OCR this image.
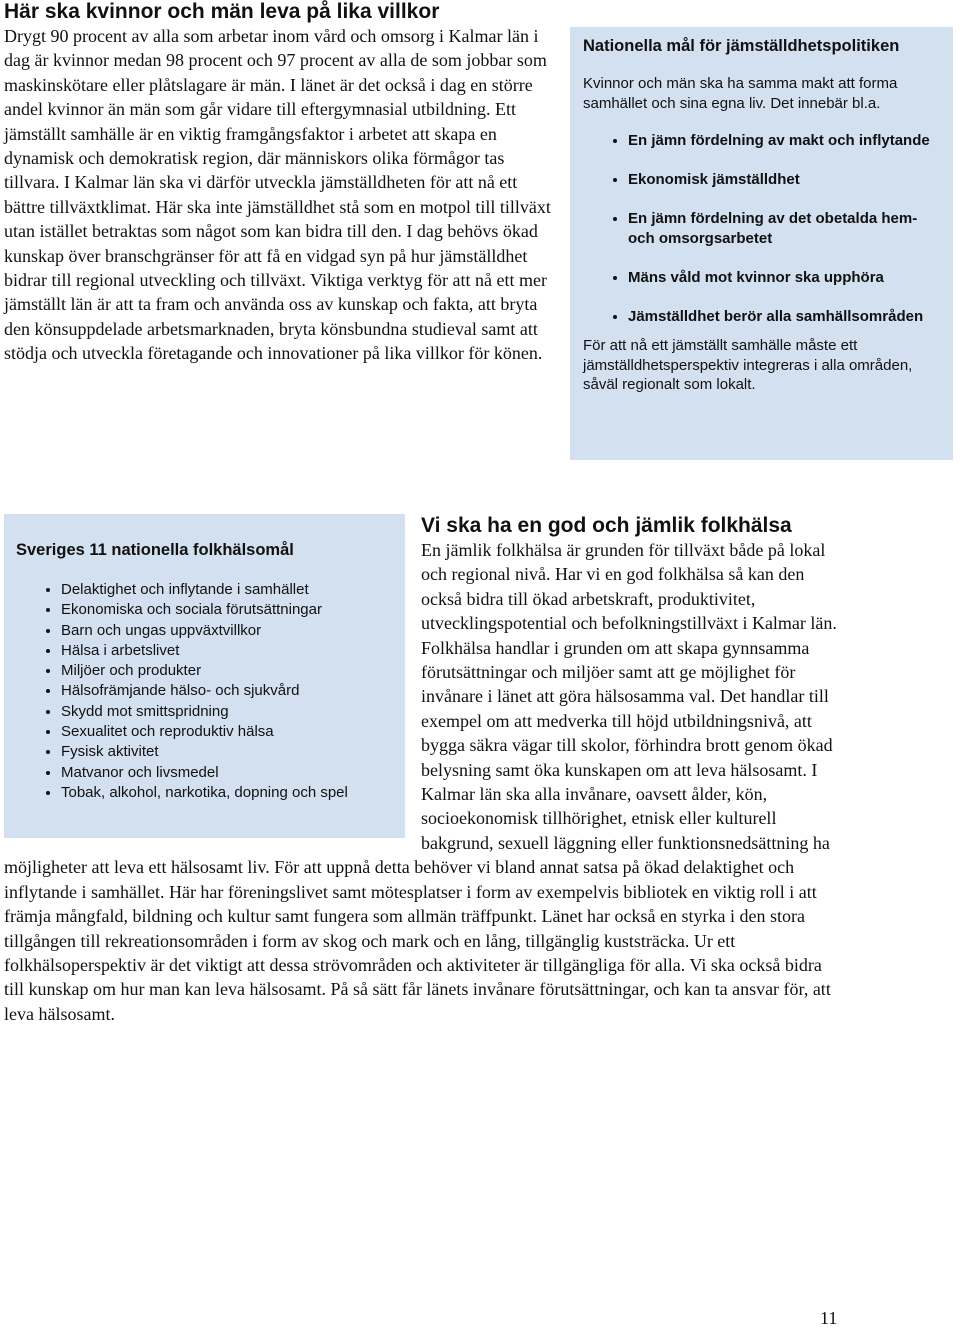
Här ska kvinnor och män leva på lika villkor

Drygt 90 procent av alla som arbetar inom vård och omsorg i Kalmar län i dag är kvinnor medan 98 procent och 97 procent av alla de som jobbar som maskinskötare eller plåtslagare är män. I länet är det också i dag en större andel kvinnor än män som går vidare till eftergymnasial utbildning. Ett jämställt samhälle är en viktig framgångsfaktor i arbetet att skapa en dynamisk och demokratisk region, där människors olika förmågor tas tillvara. I Kalmar län ska vi därför utveckla jämställdheten för att nå ett bättre tillväxtklimat. Här ska inte jämställdhet stå som en motpol till tillväxt utan istället betraktas som något som kan bidra till den. I dag behövs ökad kunskap över branschgränser för att få en vidgad syn på hur jämställdhet bidrar till regional utveckling och tillväxt. Viktiga verktyg för att nå ett mer jämställt län är att ta fram och använda oss av kunskap och fakta, att bryta den könsuppdelade arbetsmarknaden, bryta könsbundna studieval samt att stödja och utveckla företagande och innovationer på lika villkor för könen.

Nationella mål för jämställdhetspolitiken

Kvinnor och män ska ha samma makt att forma samhället och sina egna liv. Det innebär bl.a.

• En jämn fördelning av makt och inflytande
• Ekonomisk jämställdhet
• En jämn fördelning av det obetalda hem- och omsorgsarbetet
• Mäns våld mot kvinnor ska upphöra
• Jämställdhet berör alla samhällsområden

För att nå ett jämställt samhälle måste ett jämställdhetsperspektiv integreras i alla områden, såväl regionalt som lokalt.

Sveriges 11 nationella folkhälsomål

• Delaktighet och inflytande i samhället
• Ekonomiska och sociala förutsättningar
• Barn och ungas uppväxtvillkor
• Hälsa i arbetslivet
• Miljöer och produkter
• Hälsofrämjande hälso- och sjukvård
• Skydd mot smittspridning
• Sexualitet och reproduktiv hälsa
• Fysisk aktivitet
• Matvanor och livsmedel
• Tobak, alkohol, narkotika, dopning och spel
Vi ska ha en god och jämlik folkhälsa

En jämlik folkhälsa är grunden för tillväxt både på lokal och regional nivå. Har vi en god folkhälsa så kan den också bidra till ökad arbetskraft, produktivitet, utvecklingspotential och befolkningstillväxt i Kalmar län. Folkhälsa handlar i grunden om att skapa gynnsamma förutsättningar och miljöer samt att ge möjlighet för invånare i länet att göra hälsosamma val. Det handlar till exempel om att medverka till höjd utbildningsnivå, att bygga säkra vägar till skolor, förhindra brott genom ökad belysning samt öka kunskapen om att leva hälsosamt. I Kalmar län ska alla invånare, oavsett ålder, kön, socioekonomisk tillhörighet, etnisk eller kulturell bakgrund, sexuell läggning eller funktionsnedsättning ha möjligheter att leva ett hälsosamt liv. För att uppnå detta behöver vi bland annat satsa på ökad delaktighet och inflytande i samhället. Här har föreningslivet samt mötesplatser i form av exempelvis bibliotek en viktig roll i att främja mångfald, bildning och kultur samt fungera som allmän träffpunkt. Länet har också en styrka i den stora tillgången till rekreationsområden i form av skog och mark och en lång, tillgänglig kuststräcka. Ur ett folkhälsoperspektiv är det viktigt att dessa strövområden och aktiviteter är tillgängliga för alla. Vi ska också bidra till kunskap om hur man kan leva hälsosamt. På så sätt får länets invånare förutsättningar, och kan ta ansvar för, att leva hälsosamt.

11
